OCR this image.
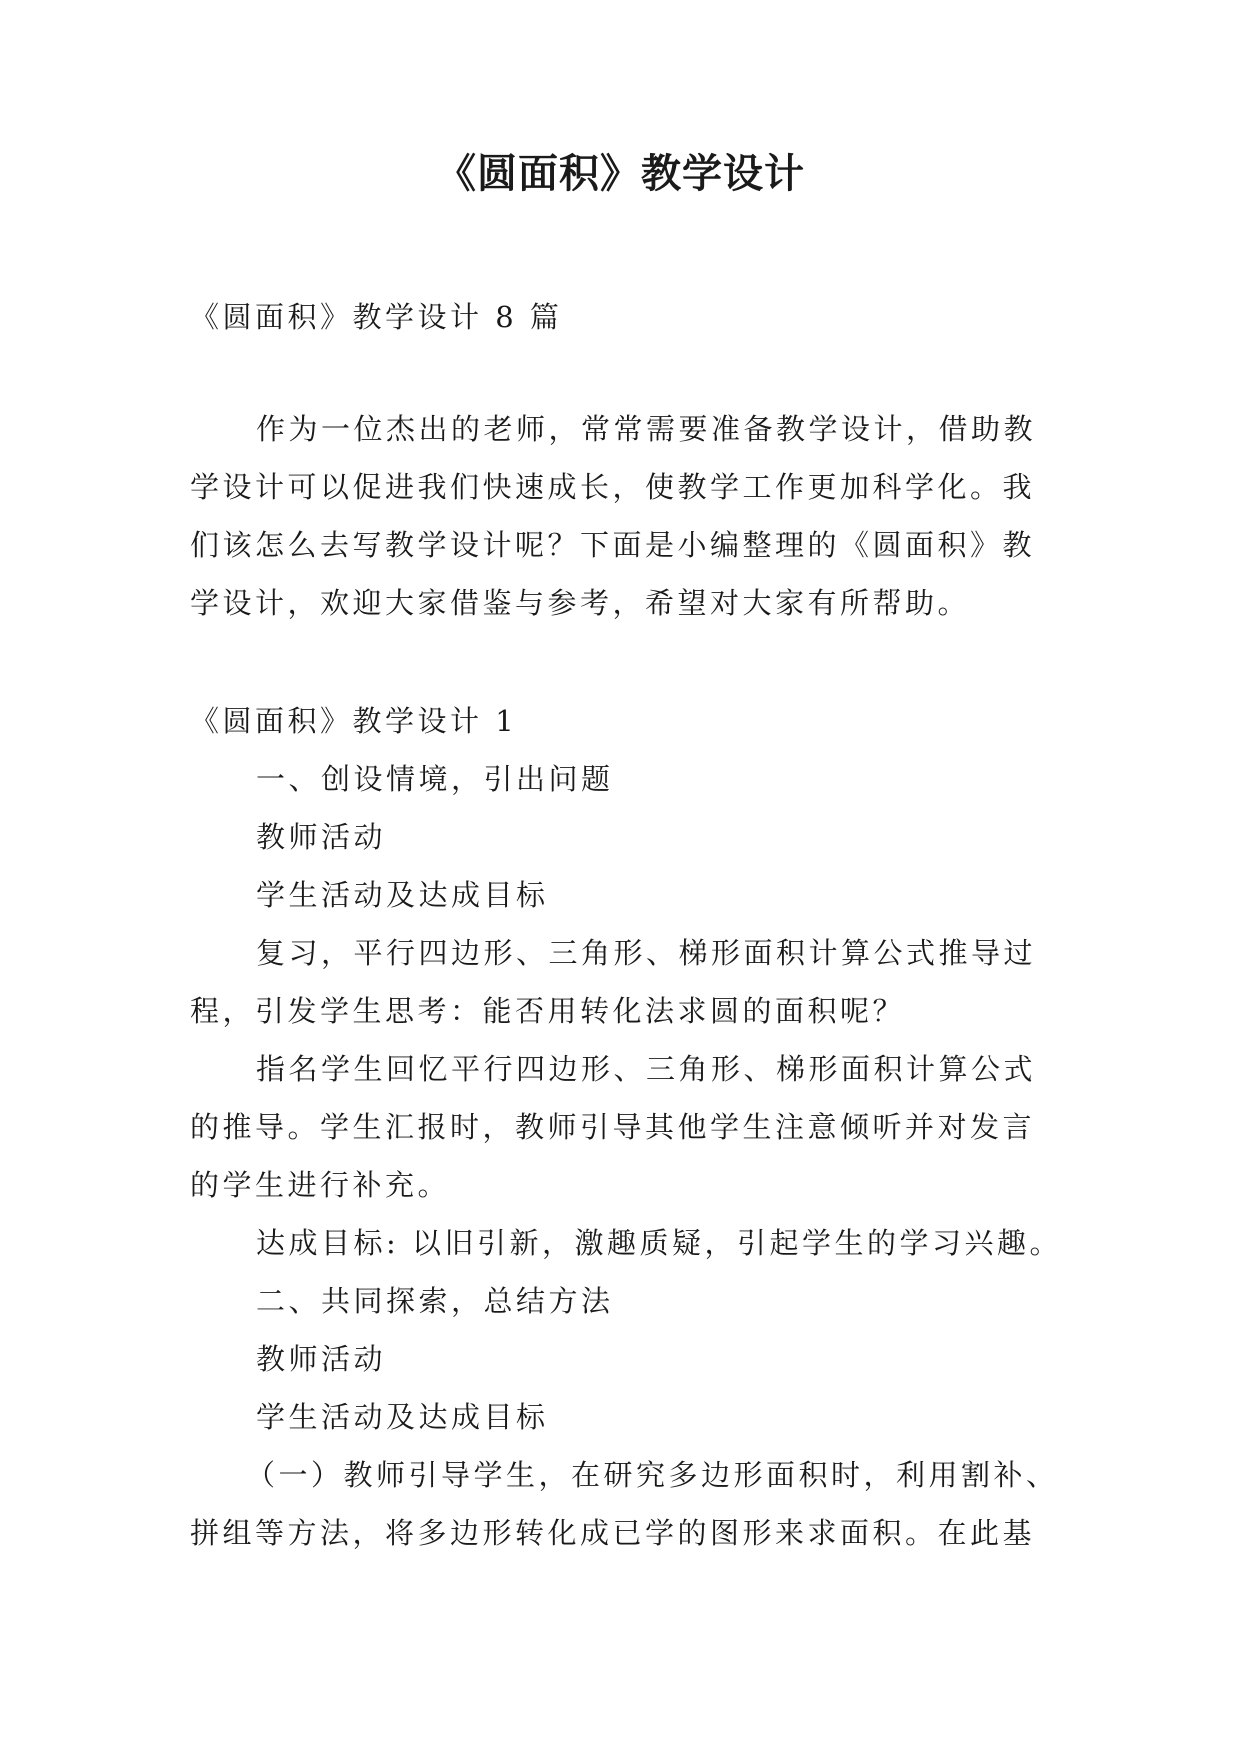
《圆面积》教学设计
《圆面积》教学设计 8 篇
作为一位杰出的老师，常常需要准备教学设计，借助教
学设计可以促进我们快速成长，使教学工作更加科学化。我
们该怎么去写教学设计呢？下面是小编整理的《圆面积》教
学设计，欢迎大家借鉴与参考，希望对大家有所帮助。
《圆面积》教学设计 1
一、创设情境，引出问题
教师活动
学生活动及达成目标
复习，平行四边形、三角形、梯形面积计算公式推导过
程，引发学生思考：能否用转化法求圆的面积呢？
指名学生回忆平行四边形、三角形、梯形面积计算公式
的推导。学生汇报时，教师引导其他学生注意倾听并对发言
的学生进行补充。
达成目标: 以旧引新，激趣质疑，引起学生的学习兴趣。
二、共同探索，总结方法
教师活动
学生活动及达成目标
（一）教师引导学生，在研究多边形面积时，利用割补、
拼组等方法，将多边形转化成已学的图形来求面积。在此基
